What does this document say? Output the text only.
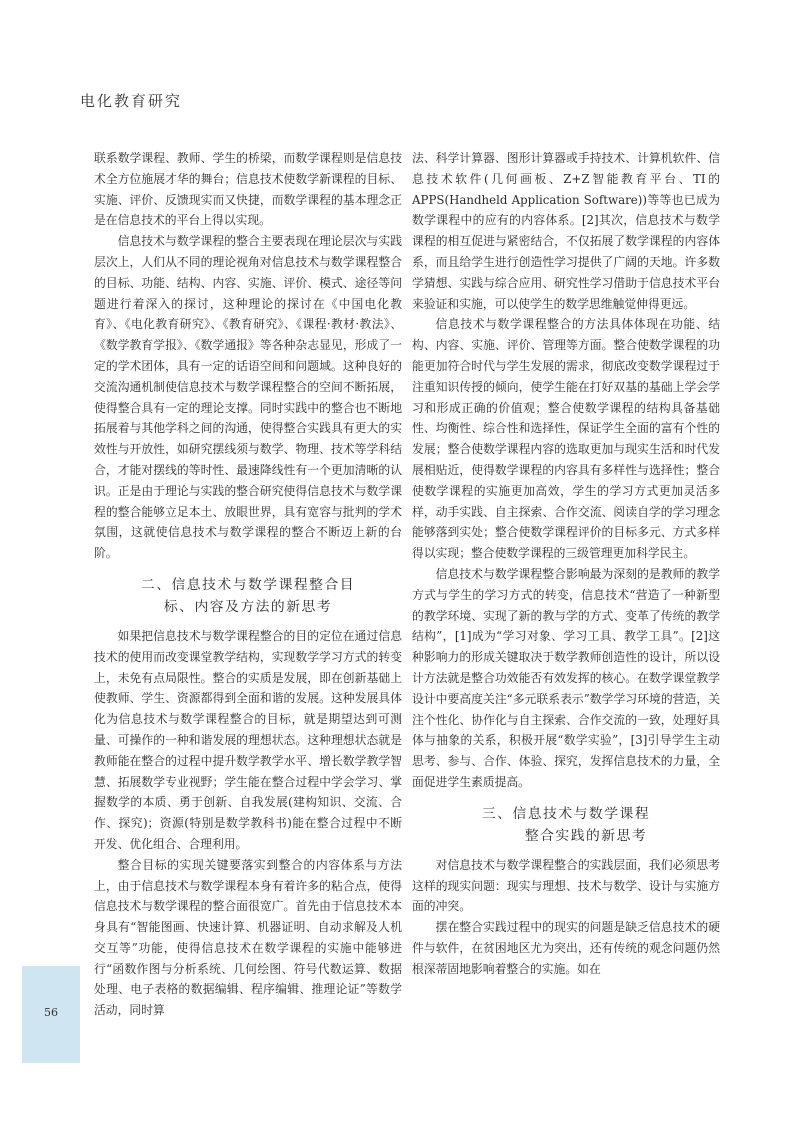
电化教育研究

联系数学课程、教师、学生的桥梁，而数学课程则是信息技术全方位施展才华的舞台；信息技术使数学新课程的目标、实施、评价、反馈现实而又快捷，而数学课程的基本理念正是在信息技术的平台上得以实现。

信息技术与数学课程的整合主要表现在理论层次与实践层次上，人们从不同的理论视角对信息技术与数学课程整合的目标、功能、结构、内容、实施、评价、模式、途径等问题进行着深入的探讨，这种理论的探讨在《中国电化教育》、《电化教育研究》、《教育研究》、《课程·教材·教法》、《数学教育学报》、《数学通报》等各种杂志显见，形成了一定的学术团体，具有一定的话语空间和问题域。这种良好的交流沟通机制使信息技术与数学课程整合的空间不断拓展，使得整合具有一定的理论支撑。同时实践中的整合也不断地拓展着与其他学科之间的沟通，使得整合实践具有更大的实效性与开放性，如研究摆线须与数学、物理、技术等学科结合，才能对摆线的等时性、最速降线性有一个更加清晰的认识。正是由于理论与实践的整合研究使得信息技术与数学课程的整合能够立足本土、放眼世界，具有宽容与批判的学术氛围，这就使信息技术与数学课程的整合不断迈上新的台阶。

二、信息技术与数学课程整合目
标、内容及方法的新思考

如果把信息技术与数学课程整合的目的定位在通过信息技术的使用而改变课堂教学结构，实现数学学习方式的转变上，未免有点局限性。整合的实质是发展，即在创新基础上使教师、学生、资源都得到全面和谐的发展。这种发展具体化为信息技术与数学课程整合的目标，就是期望达到可测量、可操作的一种和谐发展的理想状态。这种理想状态就是教师能在整合的过程中提升数学教学水平、增长数学教学智慧、拓展数学专业视野；学生能在整合过程中学会学习、掌握数学的本质、勇于创新、自我发展(建构知识、交流、合作、探究)；资源(特别是数学教科书)能在整合过程中不断开发、优化组合、合理利用。

整合目标的实现关键要落实到整合的内容体系与方法上，由于信息技术与数学课程本身有着许多的粘合点，使得信息技术与数学课程的整合面很宽广。首先由于信息技术本身具有“智能图画、快速计算、机器证明、自动求解及人机交互等”功能，使得信息技术在数学课程的实施中能够进行“函数作图与分析系统、几何绘图、符号代数运算、数据处理、电子表格的数据编辑、程序编辑、推理论证”等数学活动，同时算

法、科学计算器、图形计算器或手持技术、计算机软件、信息技术软件(几何画板、Z+Z智能教育平台、TI的APPS(Handheld Application Software))等等也已成为数学课程中的应有的内容体系。[2]其次，信息技术与数学课程的相互促进与紧密结合，不仅拓展了数学课程的内容体系，而且给学生进行创造性学习提供了广阔的天地。许多数学猜想、实践与综合应用、研究性学习借助于信息技术平台来验证和实施，可以使学生的数学思维触觉伸得更远。

信息技术与数学课程整合的方法具体体现在功能、结构、内容、实施、评价、管理等方面。整合使数学课程的功能更加符合时代与学生发展的需求，彻底改变数学课程过于注重知识传授的倾向，使学生能在打好双基的基础上学会学习和形成正确的价值观；整合使数学课程的结构具备基础性、均衡性、综合性和选择性，保证学生全面的富有个性的发展；整合使数学课程内容的选取更加与现实生活和时代发展相贴近，使得数学课程的内容具有多样性与选择性；整合使数学课程的实施更加高效，学生的学习方式更加灵活多样，动手实践、自主探索、合作交流、阅读自学的学习理念能够落到实处；整合使数学课程评价的目标多元、方式多样得以实现；整合使数学课程的三级管理更加科学民主。

信息技术与数学课程整合影响最为深刻的是教师的教学方式与学生的学习方式的转变，信息技术“营造了一种新型的教学环境、实现了新的教与学的方式、变革了传统的教学结构”，[1]成为“学习对象、学习工具、教学工具”。[2]这种影响力的形成关键取决于数学教师创造性的设计，所以设计方法就是整合功效能否有效发挥的核心。在数学课堂教学设计中要高度关注“多元联系表示”数学学习环境的营造，关注个性化、协作化与自主探索、合作交流的一致，处理好具体与抽象的关系，积极开展“数学实验”，[3]引导学生主动思考、参与、合作、体验、探究，发挥信息技术的力量，全面促进学生素质提高。

三、信息技术与数学课程
整合实践的新思考

对信息技术与数学课程整合的实践层面，我们必须思考这样的现实问题：现实与理想、技术与数学、设计与实施方面的冲突。

摆在整合实践过程中的现实的问题是缺乏信息技术的硬件与软件，在贫困地区尤为突出，还有传统的观念问题仍然根深蒂固地影响着整合的实施。如在

56
